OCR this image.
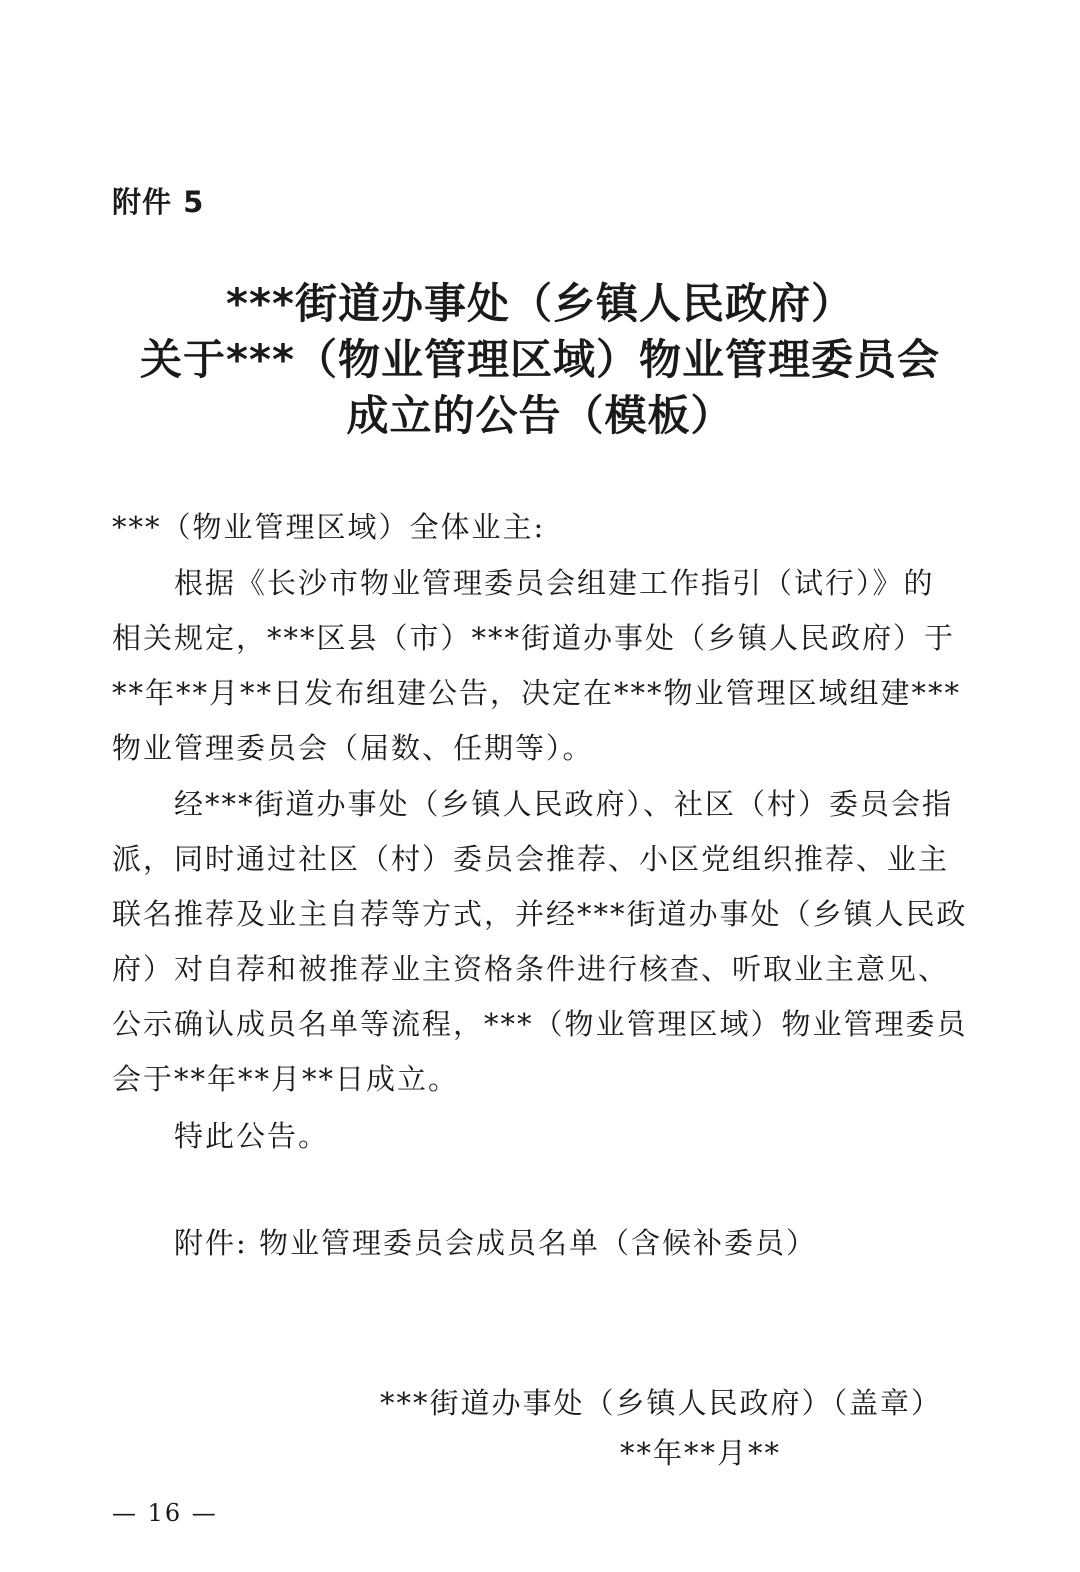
附件 5
***街道办事处（乡镇人民政府）
关于***（物业管理区域）物业管理委员会
成立的公告（模板）
***（物业管理区域）全体业主:
根据《长沙市物业管理委员会组建工作指引（试行）》的
相关规定，***区县（市）***街道办事处（乡镇人民政府）于
**年**月**日发布组建公告，决定在***物业管理区域组建***
物业管理委员会（届数、任期等）。
经***街道办事处（乡镇人民政府）、社区（村）委员会指
派，同时通过社区（村）委员会推荐、小区党组织推荐、业主
联名推荐及业主自荐等方式，并经***街道办事处（乡镇人民政
府）对自荐和被推荐业主资格条件进行核查、听取业主意见、
公示确认成员名单等流程，***（物业管理区域）物业管理委员
会于**年**月**日成立。
特此公告。
附件: 物业管理委员会成员名单（含候补委员）
***街道办事处（乡镇人民政府）（盖章）
**年**月**
— 16 —
